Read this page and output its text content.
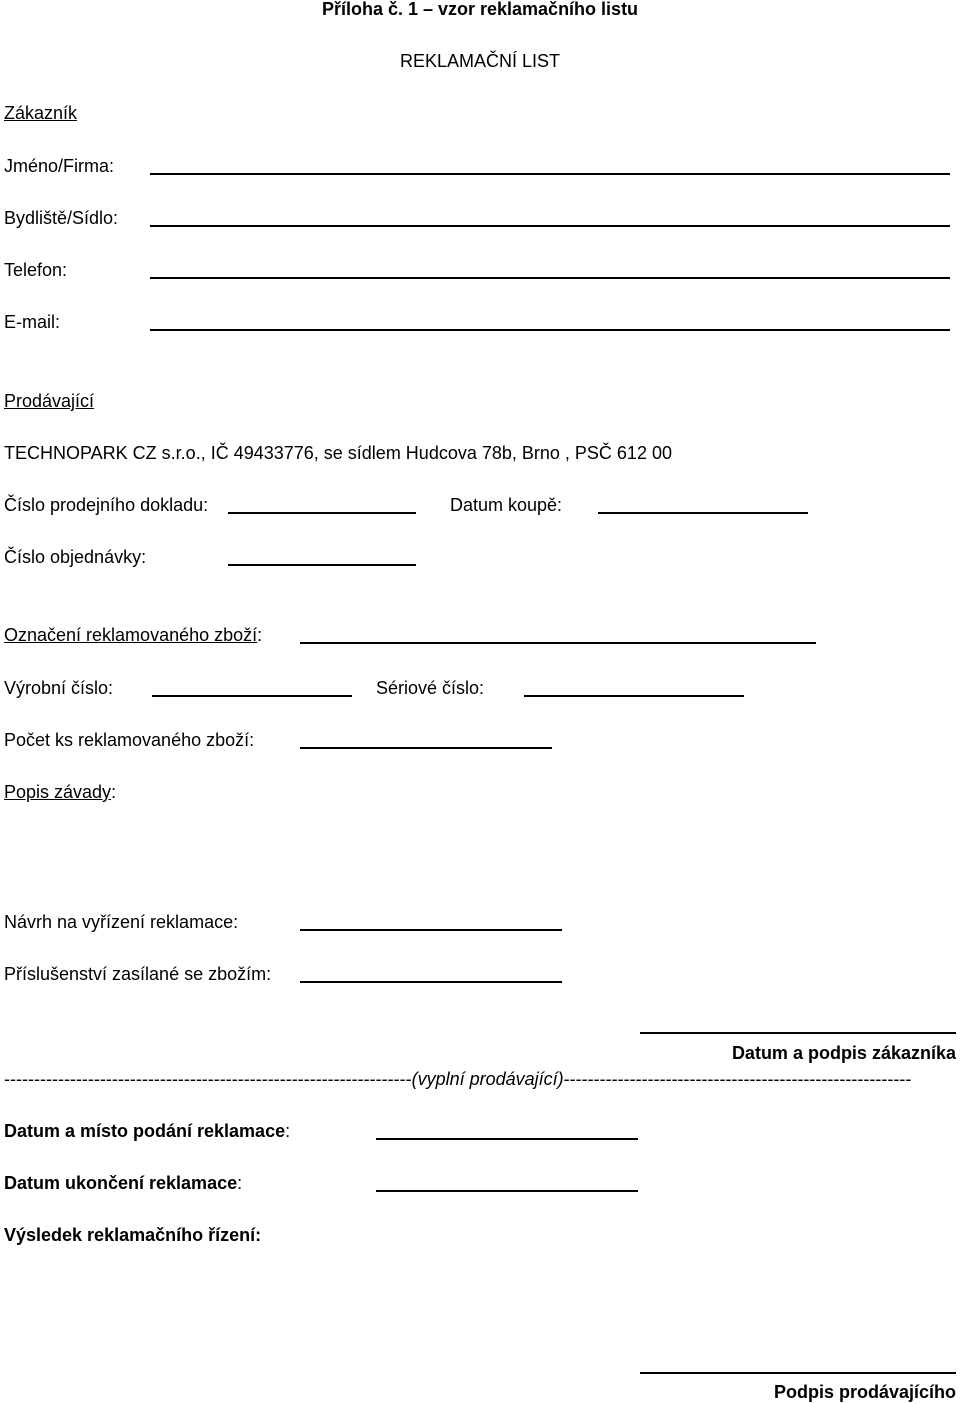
Příloha č. 1 – vzor reklamačního listu
REKLAMAČNÍ LIST
Zákazník
Jméno/Firma:
Bydliště/Sídlo:
Telefon:
E-mail:
Prodávající
TECHNOPARK CZ s.r.o., IČ 49433776, se sídlem Hudcova 78b, Brno , PSČ 612 00
Číslo prodejního dokladu:	Datum koupě:
Číslo objednávky:
Označení reklamovaného zboží:
Výrobní číslo:	Sériové číslo:
Počet ks reklamovaného zboží:
Popis závady:
Návrh na vyřízení reklamace:
Příslušenství zasílané se zbožím:
Datum a podpis zákazníka
--------------------------------------------------------------------(vyplní prodávající)----------------------------------------------------------
Datum a místo podání reklamace:
Datum ukončení reklamace:
Výsledek reklamačního řízení:
Podpis prodávajícího
